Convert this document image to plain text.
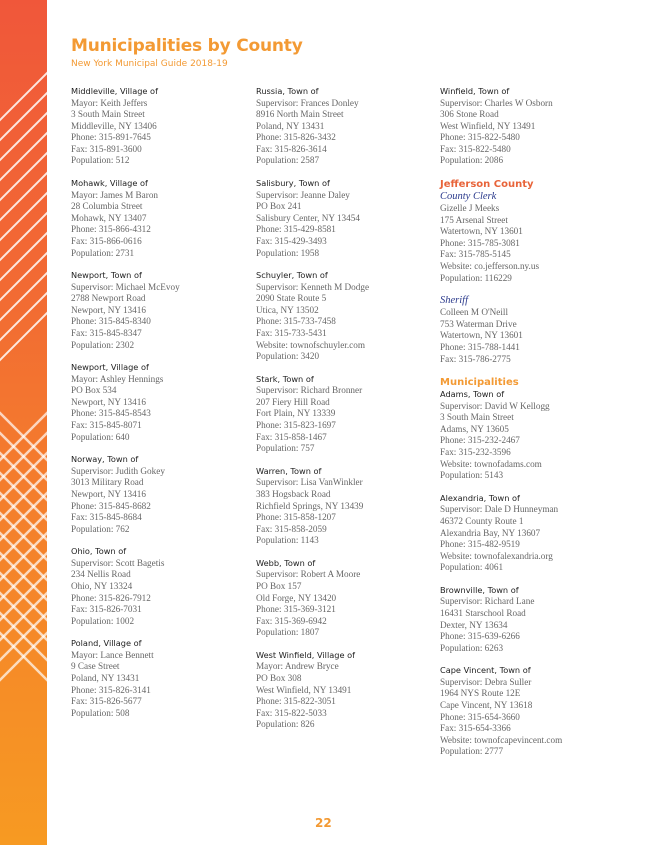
Municipalities by County
New York Municipal Guide 2018-19
Middleville, Village of
Mayor: Keith Jeffers
3 South Main Street
Middleville, NY 13406
Phone: 315-891-7645
Fax: 315-891-3600
Population: 512
Mohawk, Village of
Mayor: James M Baron
28 Columbia Street
Mohawk, NY 13407
Phone: 315-866-4312
Fax: 315-866-0616
Population: 2731
Newport, Town of
Supervisor: Michael McEvoy
2788 Newport Road
Newport, NY 13416
Phone: 315-845-8340
Fax: 315-845-8347
Population: 2302
Newport, Village of
Mayor: Ashley Hennings
PO Box 534
Newport, NY 13416
Phone: 315-845-8543
Fax: 315-845-8071
Population: 640
Norway, Town of
Supervisor: Judith Gokey
3013 Military Road
Newport, NY 13416
Phone: 315-845-8682
Fax: 315-845-8684
Population: 762
Ohio, Town of
Supervisor: Scott Bagetis
234 Nellis Road
Ohio, NY 13324
Phone: 315-826-7912
Fax: 315-826-7031
Population: 1002
Poland, Village of
Mayor: Lance Bennett
9 Case Street
Poland, NY 13431
Phone: 315-826-3141
Fax: 315-826-5677
Population: 508
Russia, Town of
Supervisor: Frances Donley
8916 North Main Street
Poland, NY 13431
Phone: 315-826-3432
Fax: 315-826-3614
Population: 2587
Salisbury, Town of
Supervisor: Jeanne Daley
PO Box 241
Salisbury Center, NY 13454
Phone: 315-429-8581
Fax: 315-429-3493
Population: 1958
Schuyler, Town of
Supervisor: Kenneth M Dodge
2090 State Route 5
Utica, NY 13502
Phone: 315-733-7458
Fax: 315-733-5431
Website: townofschuyler.com
Population: 3420
Stark, Town of
Supervisor: Richard Bronner
207 Fiery Hill Road
Fort Plain, NY 13339
Phone: 315-823-1697
Fax: 315-858-1467
Population: 757
Warren, Town of
Supervisor: Lisa VanWinkler
383 Hogsback Road
Richfield Springs, NY 13439
Phone: 315-858-1207
Fax: 315-858-2059
Population: 1143
Webb, Town of
Supervisor: Robert A Moore
PO Box 157
Old Forge, NY 13420
Phone: 315-369-3121
Fax: 315-369-6942
Population: 1807
West Winfield, Village of
Mayor: Andrew Bryce
PO Box 308
West Winfield, NY 13491
Phone: 315-822-3051
Fax: 315-822-5033
Population: 826
Winfield, Town of
Supervisor: Charles W Osborn
306 Stone Road
West Winfield, NY 13491
Phone: 315-822-5480
Fax: 315-822-5480
Population: 2086
Jefferson County
County Clerk
Gizelle J Meeks
175 Arsenal Street
Watertown, NY 13601
Phone: 315-785-3081
Fax: 315-785-5145
Website: co.jefferson.ny.us
Population: 116229
Sheriff
Colleen M O'Neill
753 Waterman Drive
Watertown, NY 13601
Phone: 315-788-1441
Fax: 315-786-2775
Municipalities
Adams, Town of
Supervisor: David W Kellogg
3 South Main Street
Adams, NY 13605
Phone: 315-232-2467
Fax: 315-232-3596
Website: townofadams.com
Population: 5143
Alexandria, Town of
Supervisor: Dale D Hunneyman
46372 County Route 1
Alexandria Bay, NY 13607
Phone: 315-482-9519
Website: townofalexandria.org
Population: 4061
Brownville, Town of
Supervisor: Richard Lane
16431 Starschool Road
Dexter, NY 13634
Phone: 315-639-6266
Population: 6263
Cape Vincent, Town of
Supervisor: Debra Suller
1964 NYS Route 12E
Cape Vincent, NY 13618
Phone: 315-654-3660
Fax: 315-654-3366
Website: townofcapevincent.com
Population: 2777
22
